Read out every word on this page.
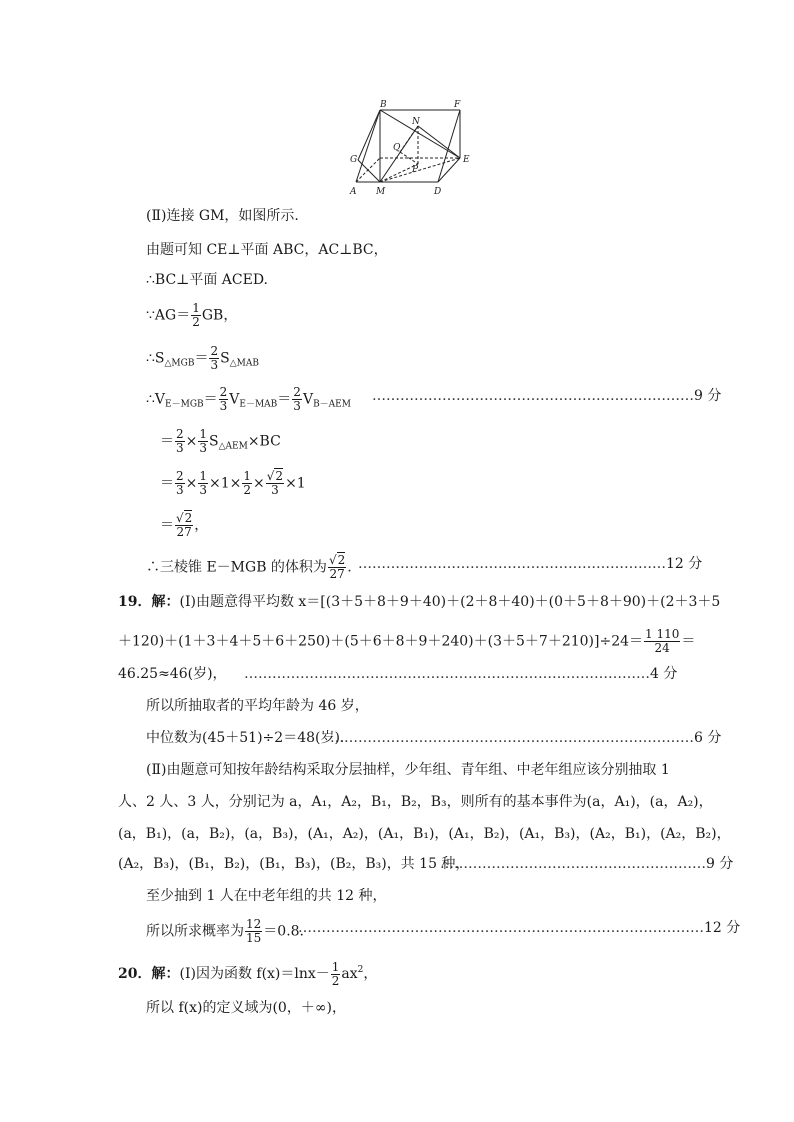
B	F
N
Q
G
P
E
A M	D
(Ⅱ)连接 GM，如图所示.
由题可知 CE⊥平面 ABC，AC⊥BC，
∴BC⊥平面 ACED.
∵AG＝ $\frac{1}{2}$ GB，
$\therefore S_{\triangle MGB}= \frac{2}{3} S_{\triangle MAB}$
$\therefore V_{E-MGB}= \frac{2}{3} V_{E-MAB}= \frac{2}{3} V_{B-AEM}$
……………………………………………………………9 分
＝ $\frac{2}{3} \times \frac{1}{3} S_{\triangle AEM}\times BC$
＝ $\frac{2}{3} \times \frac{1}{3} \times 1\times \frac{1}{2} \times \frac{√2}{3} \times 1$
＝ $\frac{√2}{27}$ ，
∴三棱锥 E－MGB 的体积为 $\frac{√2}{27}$ . …………………………………………………………12 分
19．解：(Ⅰ)由题意得平均数 x＝[(3＋5＋8＋9＋40)＋(2＋8＋40)＋(0＋5＋8＋90)＋(2＋3＋5
$+120)+(1+3+4+5+6+250)+(5+6+8+9+240)+(3+5+7+210)]\div 24= \frac{1 110}{24}$ ＝
46.25≈46(岁)， ……………………………………………………………………………4 分
所以所抽取者的平均年龄为 46 岁，
中位数为(45＋51)÷2＝48(岁).
……………………………………………………………………6 分
(Ⅱ)由题意可知按年龄结构采取分层抽样，少年组、青年组、中老年组应该分别抽取 1
人、2 人、3 人，分别记为 a，A₁，A₂，B₁，B₂，B₃，则所有的基本事件为(a，A₁)，(a，A₂)，
(a，B₁)，(a，B₂)，(a，B₃)，(A₁，A₂)，(A₁，B₁)，(A₁，B₂)，(A₁，B₃)，(A₂，B₁)，(A₂，B₂)，
(A₂，B₃)，(B₁，B₂)，(B₁，B₃)，(B₂，B₃)，共 15 种，
…………………………………………………9 分
至少抽到 1 人在中老年组的共 12 种，
所以所求概率为 $\frac{12}{15} =0.8$.
……………………………………………………………………………12 分
20．解：(Ⅰ)因为函数 $f(x)=\ln x- \frac{1}{2} ax^2$，
所以 f(x)的定义域为(0，＋∞)，
